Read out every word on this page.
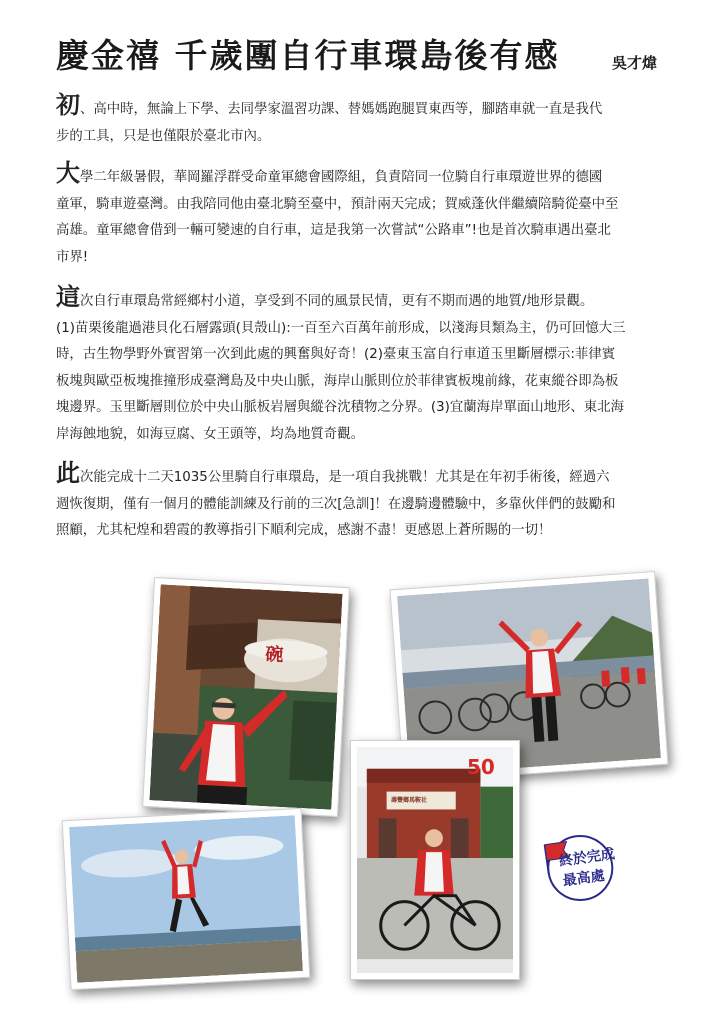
慶金禧 千歲團自行車環島後有感	吳才煒
初、高中時，無論上下學、去同學家溫習功課、替媽媽跑腿買東西等，腳踏車就一直是我代
步的工具，只是也僅限於臺北市內。
大學二年級暑假，華岡羅浮群受命童軍總會國際組，負責陪同一位騎自行車環遊世界的德國
童軍，騎車遊臺灣。由我陪同他由臺北騎至臺中，預計兩天完成；賀威蓬伙伴繼續陪騎從臺中至
高雄。童軍總會借到一輛可變速的自行車，這是我第一次嘗試“公路車”!也是首次騎車遇出臺北
市界!
這次自行車環島常經鄉村小道，享受到不同的風景民情，更有不期而遇的地質/地形景觀。
(1)苗栗後龍過港貝化石層露頭(貝殼山):一百至六百萬年前形成，以淺海貝類為主，仍可回憶大三
時，古生物學野外實習第一次到此處的興奮與好奇！(2)臺東玉富自行車道玉里斷層標示:菲律賓
板塊與歐亞板塊推撞形成臺灣島及中央山脈，海岸山脈則位於菲律賓板塊前緣，花東縱谷即為板
塊邊界。玉里斷層則位於中央山脈板岩層與縱谷沈積物之分界。(3)宜蘭海岸單面山地形、東北海
岸海蝕地貌，如海豆腐、女王頭等，均為地質奇觀。
此次能完成十二天1035公里騎自行車環島，是一項自我挑戰！尤其是在年初手術後，經過六
週恢復期，僅有一個月的體能訓練及行前的三次[急訓]！在邊騎邊體驗中，多靠伙伴們的鼓勵和
照顧，尤其杞煌和碧霞的教導指引下順利完成，感謝不盡！更感恩上蒼所賜的一切！
碗
50
壽豐鄉馬鞍社
終於完成
最高處
